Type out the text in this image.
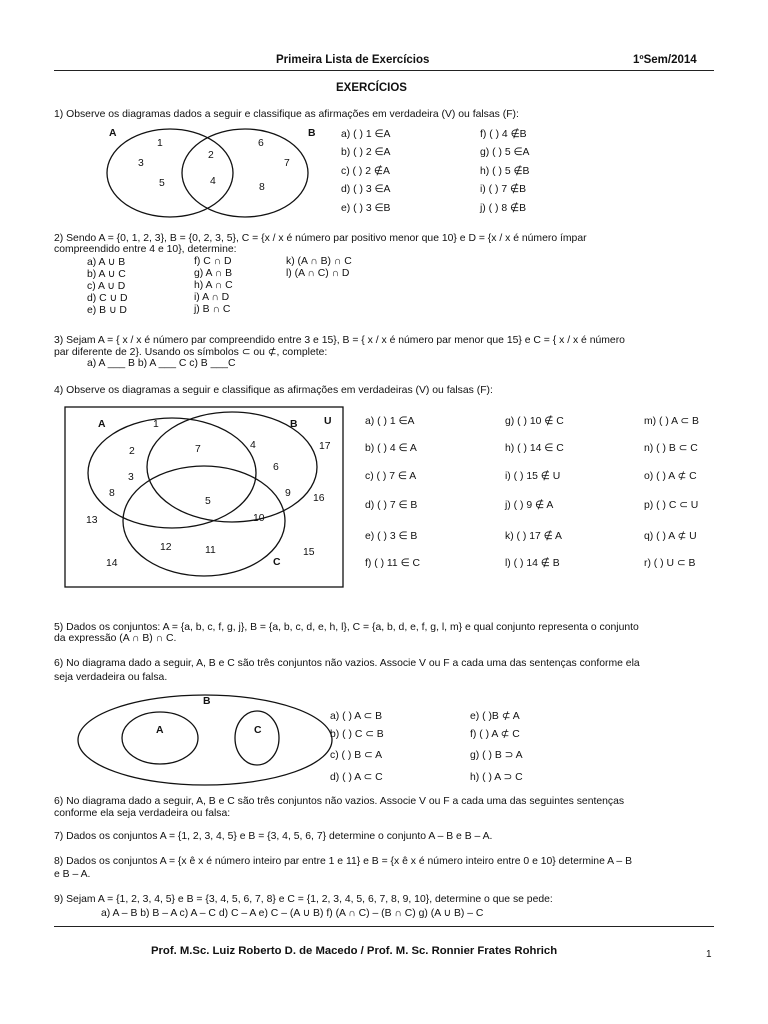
Primeira Lista de Exercícios	1ºSem/2014
EXERCÍCIOS
1) Observe os diagramas dados a seguir e classifique as afirmações em verdadeira (V) ou falsas (F):
A	B
1
3
5
2
4
6
7
8
a) ( ) 1 ∈A
b) ( ) 2 ∈A
c) ( ) 2 ∉A
d) ( ) 3 ∈A
e) ( ) 3 ∈B
f) ( ) 4 ∉B
g) ( ) 5 ∈A
h) ( ) 5 ∉B
i) ( ) 7 ∉B
j) ( ) 8 ∉B
2) Sendo A = {0, 1, 2, 3}, B = {0, 2, 3, 5}, C = {x / x é número par positivo menor que 10} e D = {x / x é número ímpar
compreendido entre 4 e 10}, determine:
a) A ∪ B
b) A ∪ C
c) A ∪ D
d) C ∪ D
e) B ∪ D
f) C ∩ D
g) A ∩ B
h) A ∩ C
i) A ∩ D
j) B ∩ C
k) (A ∩ B) ∩ C
l) (A ∩ C) ∩ D
3) Sejam A = { x / x é número par compreendido entre 3 e 15}, B = { x / x é número par menor que 15} e C = { x / x é número
par diferente de 2}. Usando os símbolos ⊂ ou ⊄, complete:
a) A ___ B b) A ___ C c) B ___C
4) Observe os diagramas a seguir e classifique as afirmações em verdadeiras (V) ou falsas (F):
A	B
C
U
1
2
3
4
5
6
7
8	9
10
11
12
13
14
15
16
17
a) ( ) 1 ∈A
b) ( ) 4 ∈ A
c) ( ) 7 ∈ A
d) ( ) 7 ∈ B
e) ( ) 3 ∈ B
f) ( ) 11 ∈ C
g) ( ) 10 ∉ C
h) ( ) 14 ∈ C
i) ( ) 15 ∉ U
j) ( ) 9 ∉ A
k) ( ) 17 ∉ A
l) ( ) 14 ∉ B
m) ( ) A ⊂ B
n) ( ) B ⊂ C
o) ( ) A ⊄ C
p) ( ) C ⊂ U
q) ( ) A ⊄ U
r) ( ) U ⊂ B
5) Dados os conjuntos: A = {a, b, c, f, g, j}, B = {a, b, c, d, e, h, l}, C = {a, b, d, e, f, g, l, m} e qual conjunto representa o conjunto
da expressão (A ∩ B) ∩ C.
6) No diagrama dado a seguir, A, B e C são três conjuntos não vazios. Associe V ou F a cada uma das sentenças conforme ela
seja verdadeira ou falsa.
B
A	C
a) ( ) A ⊂ B
b) ( ) C ⊂ B
c) ( ) B ⊂ A
d) ( ) A ⊂ C
e) ( )B ⊄ A
f) ( ) A ⊄ C
g) ( ) B ⊃ A
h) ( ) A ⊃ C
6) No diagrama dado a seguir, A, B e C são três conjuntos não vazios. Associe V ou F a cada uma das seguintes sentenças
conforme ela seja verdadeira ou falsa:
7) Dados os conjuntos A = {1, 2, 3, 4, 5} e B = {3, 4, 5, 6, 7} determine o conjunto A – B e B – A.
8) Dados os conjuntos A = {x ê x é número inteiro par entre 1 e 11} e B = {x ê x é número inteiro entre 0 e 10} determine A – B
e B – A.
9) Sejam A = {1, 2, 3, 4, 5} e B = {3, 4, 5, 6, 7, 8} e C = {1, 2, 3, 4, 5, 6, 7, 8, 9, 10}, determine o que se pede:
a) A – B b) B – A c) A – C d) C – A e) C – (A ∪ B) f) (A ∩ C) – (B ∩ C) g) (A ∪ B) – C
Prof. M.Sc. Luiz Roberto D. de Macedo / Prof. M. Sc. Ronnier Frates Rohrich	1
